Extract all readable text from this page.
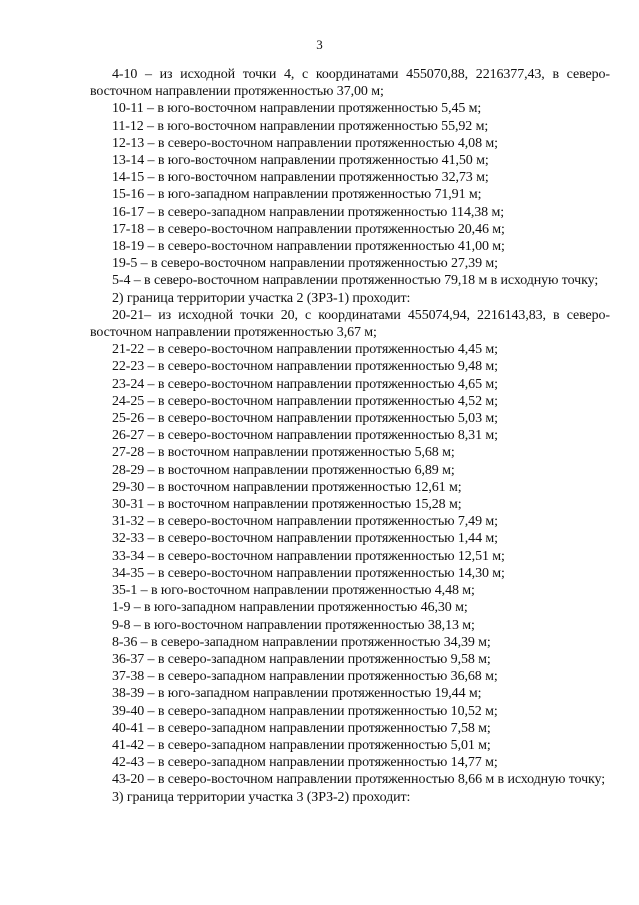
3

4-10 – из исходной точки 4, с координатами 455070,88, 2216377,43, в северо-восточном направлении протяженностью 37,00 м;

10-11 – в юго-восточном направлении протяженностью 5,45 м;

11-12 – в юго-восточном направлении протяженностью 55,92 м;

12-13 – в северо-восточном направлении протяженностью 4,08 м;

13-14 – в юго-восточном направлении протяженностью 41,50 м;

14-15 – в юго-восточном направлении протяженностью 32,73 м;

15-16 – в юго-западном направлении протяженностью 71,91 м;

16-17 – в северо-западном направлении протяженностью 114,38 м;

17-18 – в северо-восточном направлении протяженностью 20,46 м;

18-19 – в северо-восточном направлении протяженностью 41,00 м;

19-5 – в северо-восточном направлении протяженностью 27,39 м;

5-4 – в северо-восточном направлении протяженностью 79,18 м в исходную точку;

2) граница территории участка 2 (ЗРЗ-1) проходит:

20-21– из исходной точки 20, с координатами 455074,94, 2216143,83, в северо-восточном направлении протяженностью 3,67 м;

21-22 – в северо-восточном направлении протяженностью 4,45 м;

22-23 – в северо-восточном направлении протяженностью 9,48 м;

23-24 – в северо-восточном направлении протяженностью 4,65 м;

24-25 – в северо-восточном направлении протяженностью 4,52 м;

25-26 – в северо-восточном направлении протяженностью 5,03 м;

26-27 – в северо-восточном направлении протяженностью 8,31 м;

27-28 – в восточном направлении протяженностью 5,68 м;

28-29 – в восточном направлении протяженностью 6,89 м;

29-30 – в восточном направлении протяженностью 12,61 м;

30-31 – в восточном направлении протяженностью 15,28 м;

31-32 – в северо-восточном направлении протяженностью 7,49 м;

32-33 – в северо-восточном направлении протяженностью 1,44 м;

33-34 – в северо-восточном направлении протяженностью 12,51 м;

34-35 – в северо-восточном направлении протяженностью 14,30 м;

35-1 – в юго-восточном направлении протяженностью 4,48 м;

1-9 – в юго-западном направлении протяженностью 46,30 м;

9-8 – в юго-восточном направлении протяженностью 38,13 м;

8-36 – в северо-западном направлении протяженностью 34,39 м;

36-37 – в северо-западном направлении протяженностью 9,58 м;

37-38 – в северо-западном направлении протяженностью 36,68 м;

38-39 – в юго-западном направлении протяженностью 19,44 м;

39-40 – в северо-западном направлении протяженностью 10,52 м;

40-41 – в северо-западном направлении протяженностью 7,58 м;

41-42 – в северо-западном направлении протяженностью 5,01 м;

42-43 – в северо-западном направлении протяженностью 14,77 м;

43-20 – в северо-восточном направлении протяженностью 8,66 м в исходную точку;

3) граница территории участка 3 (ЗРЗ-2) проходит:
